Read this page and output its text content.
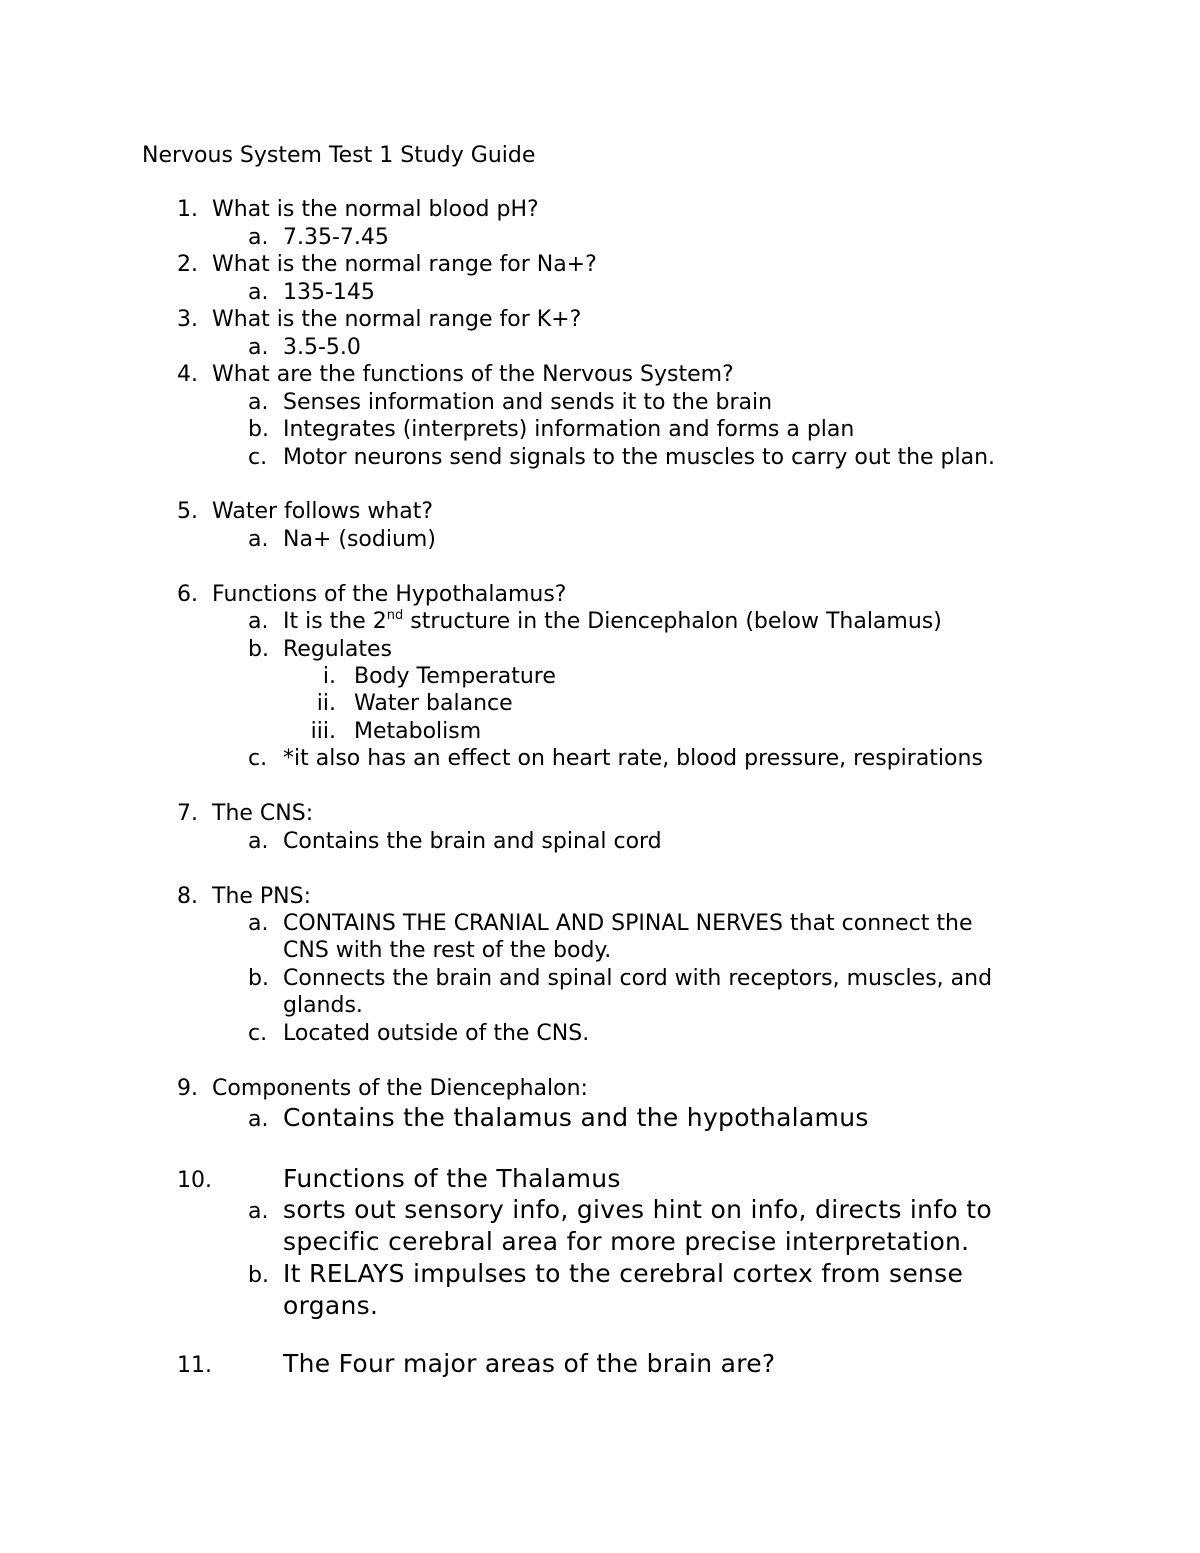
Nervous System Test 1 Study Guide
1. What is the normal blood pH?
a. 7.35-7.45
2. What is the normal range for Na+?
a. 135-145
3. What is the normal range for K+?
a. 3.5-5.0
4. What are the functions of the Nervous System?
a. Senses information and sends it to the brain
b. Integrates (interprets) information and forms a plan
c. Motor neurons send signals to the muscles to carry out the plan.
5. Water follows what?
a. Na+ (sodium)
6. Functions of the Hypothalamus?
a. It is the 2nd structure in the Diencephalon (below Thalamus)
b. Regulates
i. Body Temperature
ii. Water balance
iii. Metabolism
c. *it also has an effect on heart rate, blood pressure, respirations
7. The CNS:
a. Contains the brain and spinal cord
8. The PNS:
a. CONTAINS THE CRANIAL AND SPINAL NERVES that connect the
CNS with the rest of the body.
b. Connects the brain and spinal cord with receptors, muscles, and
glands.
c. Located outside of the CNS.
9. Components of the Diencephalon:
a. Contains the thalamus and the hypothalamus
10.	Functions of the Thalamus
a. sorts out sensory info, gives hint on info, directs info to
specific cerebral area for more precise interpretation.
b. It RELAYS impulses to the cerebral cortex from sense
organs.
11.	The Four major areas of the brain are?
